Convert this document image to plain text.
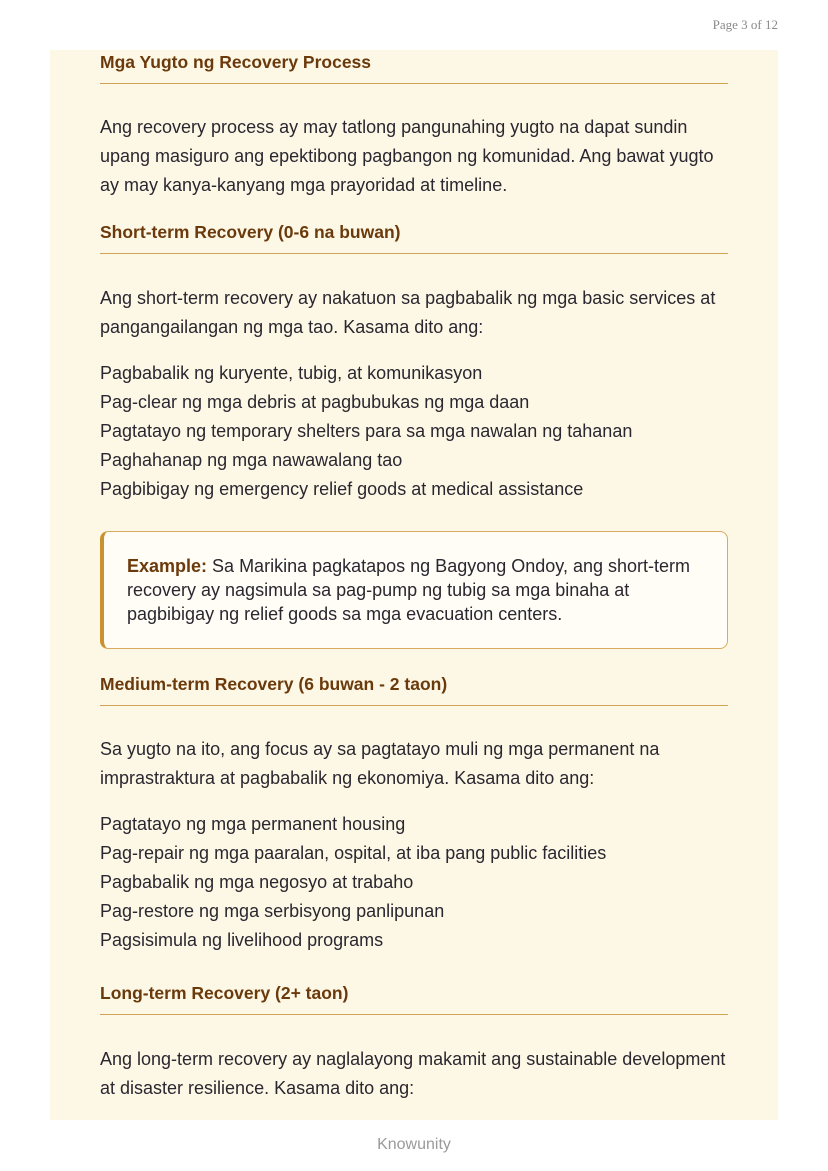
Page 3 of 12
Mga Yugto ng Recovery Process

Ang recovery process ay may tatlong pangunahing yugto na dapat sundin upang masiguro ang epektibong pagbangon ng komunidad. Ang bawat yugto ay may kanya-kanyang mga prayoridad at timeline.

Short-term Recovery (0-6 na buwan)

Ang short-term recovery ay nakatuon sa pagbabalik ng mga basic services at pangangailangan ng mga tao. Kasama dito ang:

Pagbabalik ng kuryente, tubig, at komunikasyon
Pag-clear ng mga debris at pagbubukas ng mga daan
Pagtatayo ng temporary shelters para sa mga nawalan ng tahanan
Paghahanap ng mga nawawalang tao
Pagbibigay ng emergency relief goods at medical assistance
Example: Sa Marikina pagkatapos ng Bagyong Ondoy, ang short-term recovery ay nagsimula sa pag-pump ng tubig sa mga binaha at pagbibigay ng relief goods sa mga evacuation centers.
Medium-term Recovery (6 buwan - 2 taon)

Sa yugto na ito, ang focus ay sa pagtatayo muli ng mga permanent na imprastraktura at pagbabalik ng ekonomiya. Kasama dito ang:

Pagtatayo ng mga permanent housing
Pag-repair ng mga paaralan, ospital, at iba pang public facilities
Pagbabalik ng mga negosyo at trabaho
Pag-restore ng mga serbisyong panlipunan
Pagsisimula ng livelihood programs
Long-term Recovery (2+ taon)

Ang long-term recovery ay naglalayong makamit ang sustainable development at disaster resilience. Kasama dito ang:

Knowunity
